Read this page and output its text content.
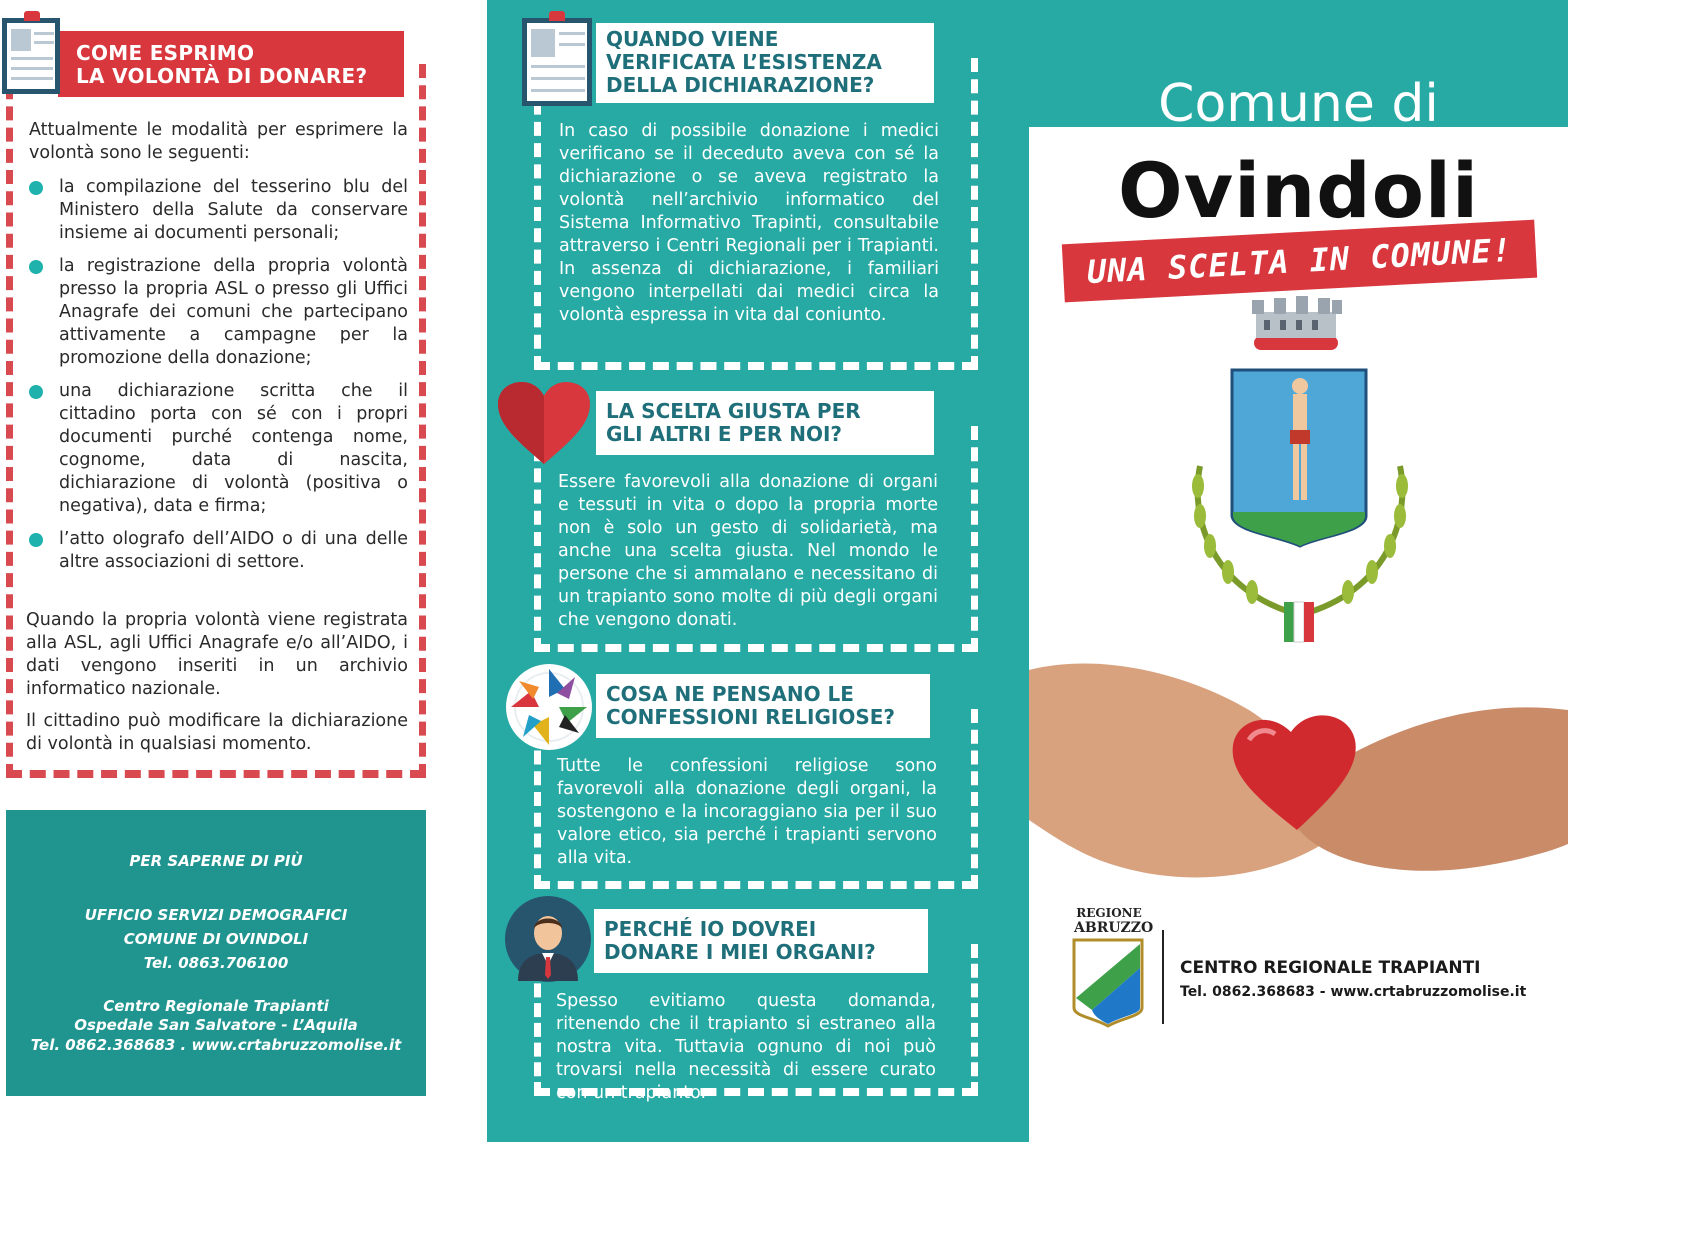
COME ESPRIMO
LA VOLONTÀ DI DONARE?
Attualmente le modalità per esprimere la volontà sono le seguenti:
la compilazione del tesserino blu del Ministero della Salute da conservare insieme ai documenti personali;
la registrazione della propria volontà presso la propria ASL o presso gli Uffici Anagrafe dei comuni che partecipano attivamente a campagne per la promozione della donazione;
una dichiarazione scritta che il cittadino porta con sé con i propri documenti purché contenga nome, cognome, data di nascita, dichiarazione di volontà (positiva o negativa), data e firma;
l’atto olografo dell’AIDO o di una delle altre associazioni di settore.
Quando la propria volontà viene registrata alla ASL, agli Uffici Anagrafe e/o all’AIDO, i dati vengono inseriti in un archivio informatico nazionale.
Il cittadino può modificare la dichiarazione di volontà in qualsiasi momento.
PER SAPERNE DI PIÙ
UFFICIO SERVIZI DEMOGRAFICI
COMUNE DI OVINDOLI
Tel. 0863.706100
Centro Regionale Trapianti
Ospedale San Salvatore - L’Aquila
Tel. 0862.368683 . www.crtabruzzomolise.it
QUANDO VIENE
VERIFICATA L’ESISTENZA
DELLA DICHIARAZIONE?
In caso di possibile donazione i medici verificano se il deceduto aveva con sé la dichiarazione o se aveva registrato la volontà nell’archivio informatico del Sistema Informativo Trapinti, consultabile attraverso i Centri Regionali per i Trapianti. In assenza di dichiarazione, i familiari vengono interpellati dai medici circa la volontà espressa in vita dal coniunto.
LA SCELTA GIUSTA PER
GLI ALTRI E PER NOI?
Essere favorevoli alla donazione di organi e tessuti in vita o dopo la propria morte non è solo un gesto di solidarietà, ma anche una scelta giusta. Nel mondo le persone che si ammalano e necessitano di un trapianto sono molte di più degli organi che vengono donati.
COSA NE PENSANO LE
CONFESSIONI RELIGIOSE?
Tutte le confessioni religiose sono favorevoli alla donazione degli organi, la sostengono e la incoraggiano sia per il suo valore etico, sia perché i trapianti servono alla vita.
PERCHÉ IO DOVREI
DONARE I MIEI ORGANI?
Spesso evitiamo questa domanda, ritenendo che il trapianto si estraneo alla nostra vita. Tuttavia ognuno di noi può trovarsi nella necessità di essere curato con un trapianto.
Comune di
Ovindoli
UNA SCELTA IN COMUNE!
REGIONE
ABRUZZO
CENTRO REGIONALE TRAPIANTI
Tel. 0862.368683 - www.crtabruzzomolise.it
